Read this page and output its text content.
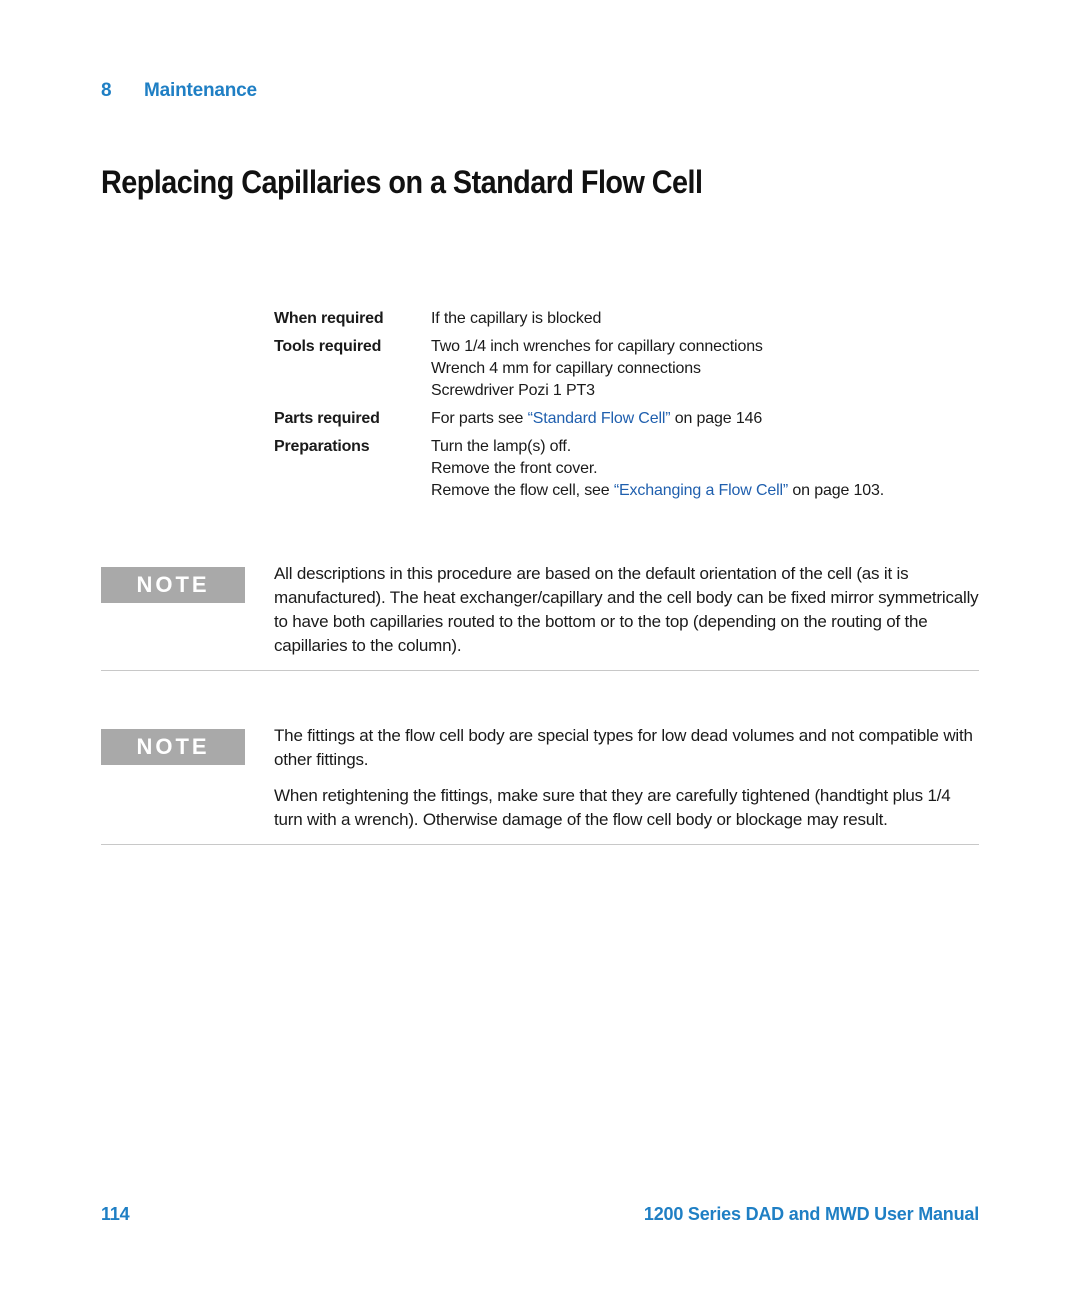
8 Maintenance
Replacing Capillaries on a Standard Flow Cell
When required	If the capillary is blocked
Tools required	Two 1/4 inch wrenches for capillary connections
Wrench 4 mm for capillary connections
Screwdriver Pozi 1 PT3
Parts required	For parts see “Standard Flow Cell” on page 146
Preparations	Turn the lamp(s) off.
Remove the front cover.
Remove the flow cell, see “Exchanging a Flow Cell” on page 103.
NOTE	All descriptions in this procedure are based on the default orientation of the cell (as it is manufactured). The heat exchanger/capillary and the cell body can be fixed mirror symmetrically to have both capillaries routed to the bottom or to the top (depending on the routing of the capillaries to the column).

NOTE	The fittings at the flow cell body are special types for low dead volumes and not compatible with other fittings.

When retightening the fittings, make sure that they are carefully tightened (handtight plus 1/4 turn with a wrench). Otherwise damage of the flow cell body or blockage may result.

114	1200 Series DAD and MWD User Manual
